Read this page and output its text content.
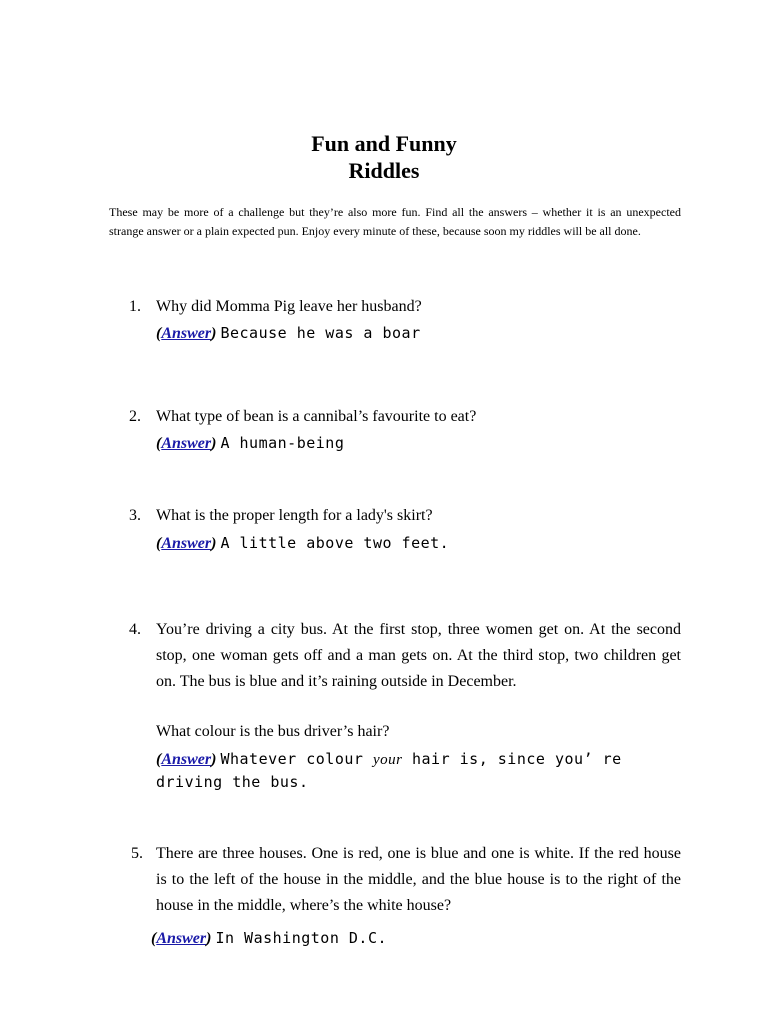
Fun and Funny
Riddles
These may be more of a challenge but they’re also more fun. Find all the answers – whether it is an unexpected strange answer or a plain expected pun. Enjoy every minute of these, because soon my riddles will be all done.
1. Why did Momma Pig leave her husband?
(Answer) Because he was a boar
2. What type of bean is a cannibal’s favourite to eat?
(Answer) A human-being
3. What is the proper length for a lady's skirt?
(Answer) A little above two feet.
4. You’re driving a city bus. At the first stop, three women get on. At the second stop, one woman gets off and a man gets on. At the third stop, two children get on. The bus is blue and it’s raining outside in December.
What colour is the bus driver’s hair?
(Answer) Whatever colour your hair is, since you’ re driving the bus.
5. There are three houses. One is red, one is blue and one is white. If the red house is to the left of the house in the middle, and the blue house is to the right of the house in the middle, where’s the white house?
(Answer) In Washington D.C.
